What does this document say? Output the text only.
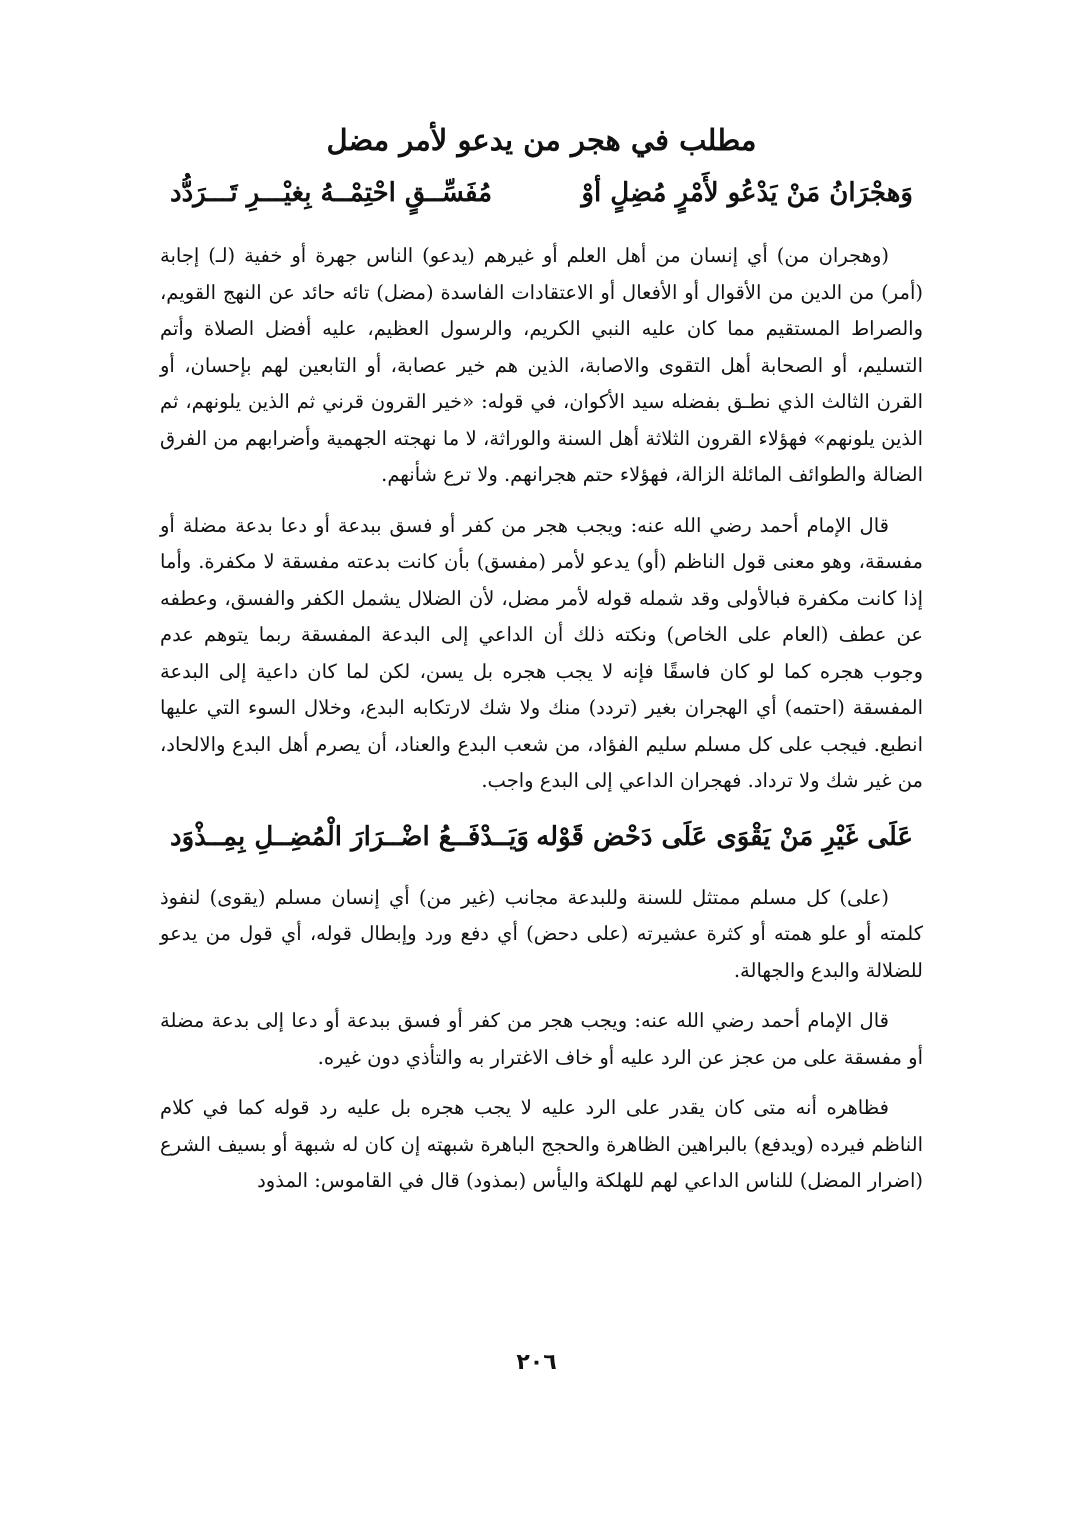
مطلب في هجر من يدعو لأمر مضل
وَهجْرَانُ مَنْ يَدْعُو لأَمْرٍ مُضِلٍ أوْ
مُفَسِّــقٍ احْتِمْــهُ بِغيْـــرِ تَـــرَدُّد

(وهجران من) أي إنسان من أهل العلم أو غيرهم (يدعو) الناس جهرة أو خفية (لـ) إجابة (أمر) من الدين من الأقوال أو الأفعال أو الاعتقادات الفاسدة (مضل) تائه حائد عن النهج القويم، والصراط المستقيم مما كان عليه النبي الكريم، والرسول العظيم، عليه أفضل الصلاة وأتم التسليم، أو الصحابة أهل التقوى والاصابة، الذين هم خير عصابة، أو التابعين لهم بإحسان، أو القرن الثالث الذي نطـق بفضله سيد الأكوان، في قوله: «خير القرون قرني ثم الذين يلونهم، ثم الذين يلونهم» فهؤلاء القرون الثلاثة أهل السنة والوراثة، لا ما نهجته الجهمية وأضرابهم من الفرق الضالة والطوائف المائلة الزالة، فهؤلاء حتم هجرانهم. ولا ترع شأنهم.

قال الإمام أحمد رضي الله عنه: ويجب هجر من كفر أو فسق ببدعة أو دعا بدعة مضلة أو مفسقة، وهو معنى قول الناظم (أو) يدعو لأمر (مفسق) بأن كانت بدعته مفسقة لا مكفرة. وأما إذا كانت مكفرة فبالأولى وقد شمله قوله لأمر مضل، لأن الضلال يشمل الكفر والفسق، وعطفه عن عطف (العام على الخاص) ونكته ذلك أن الداعي إلى البدعة المفسقة ربما يتوهم عدم وجوب هجره كما لو كان فاسقًا فإنه لا يجب هجره بل يسن، لكن لما كان داعية إلى البدعة المفسقة (احتمه) أي الهجران بغير (تردد) منك ولا شك لارتكابه البدع، وخلال السوء التي عليها انطبع. فيجب على كل مسلم سليم الفؤاد، من شعب البدع والعناد، أن يصرم أهل البدع والالحاد، من غير شك ولا ترداد. فهجران الداعي إلى البدع واجب.

عَلَى غَيْرِ مَنْ يَقْوَى عَلَى دَحْض قَوْله
وَيَــدْفَــعُ اضْــرَارَ الْمُضِــلِ بِمِــذْوَد

(على) كل مسلم ممتثل للسنة وللبدعة مجانب (غير من) أي إنسان مسلم (يقوى) لنفوذ كلمته أو علو همته أو كثرة عشيرته (على دحض) أي دفع ورد وإبطال قوله، أي قول من يدعو للضلالة والبدع والجهالة.

قال الإمام أحمد رضي الله عنه: ويجب هجر من كفر أو فسق ببدعة أو دعا إلى بدعة مضلة أو مفسقة على من عجز عن الرد عليه أو خاف الاغترار به والتأذي دون غيره.

فظاهره أنه متى كان يقدر على الرد عليه لا يجب هجره بل عليه رد قوله كما في كلام الناظم فيرده (ويدفع) بالبراهين الظاهرة والحجج الباهرة شبهته إن كان له شبهة أو بسيف الشرع (اضرار المضل) للناس الداعي لهم للهلكة واليأس (بمذود) قال في القاموس: المذود

٢٠٦
